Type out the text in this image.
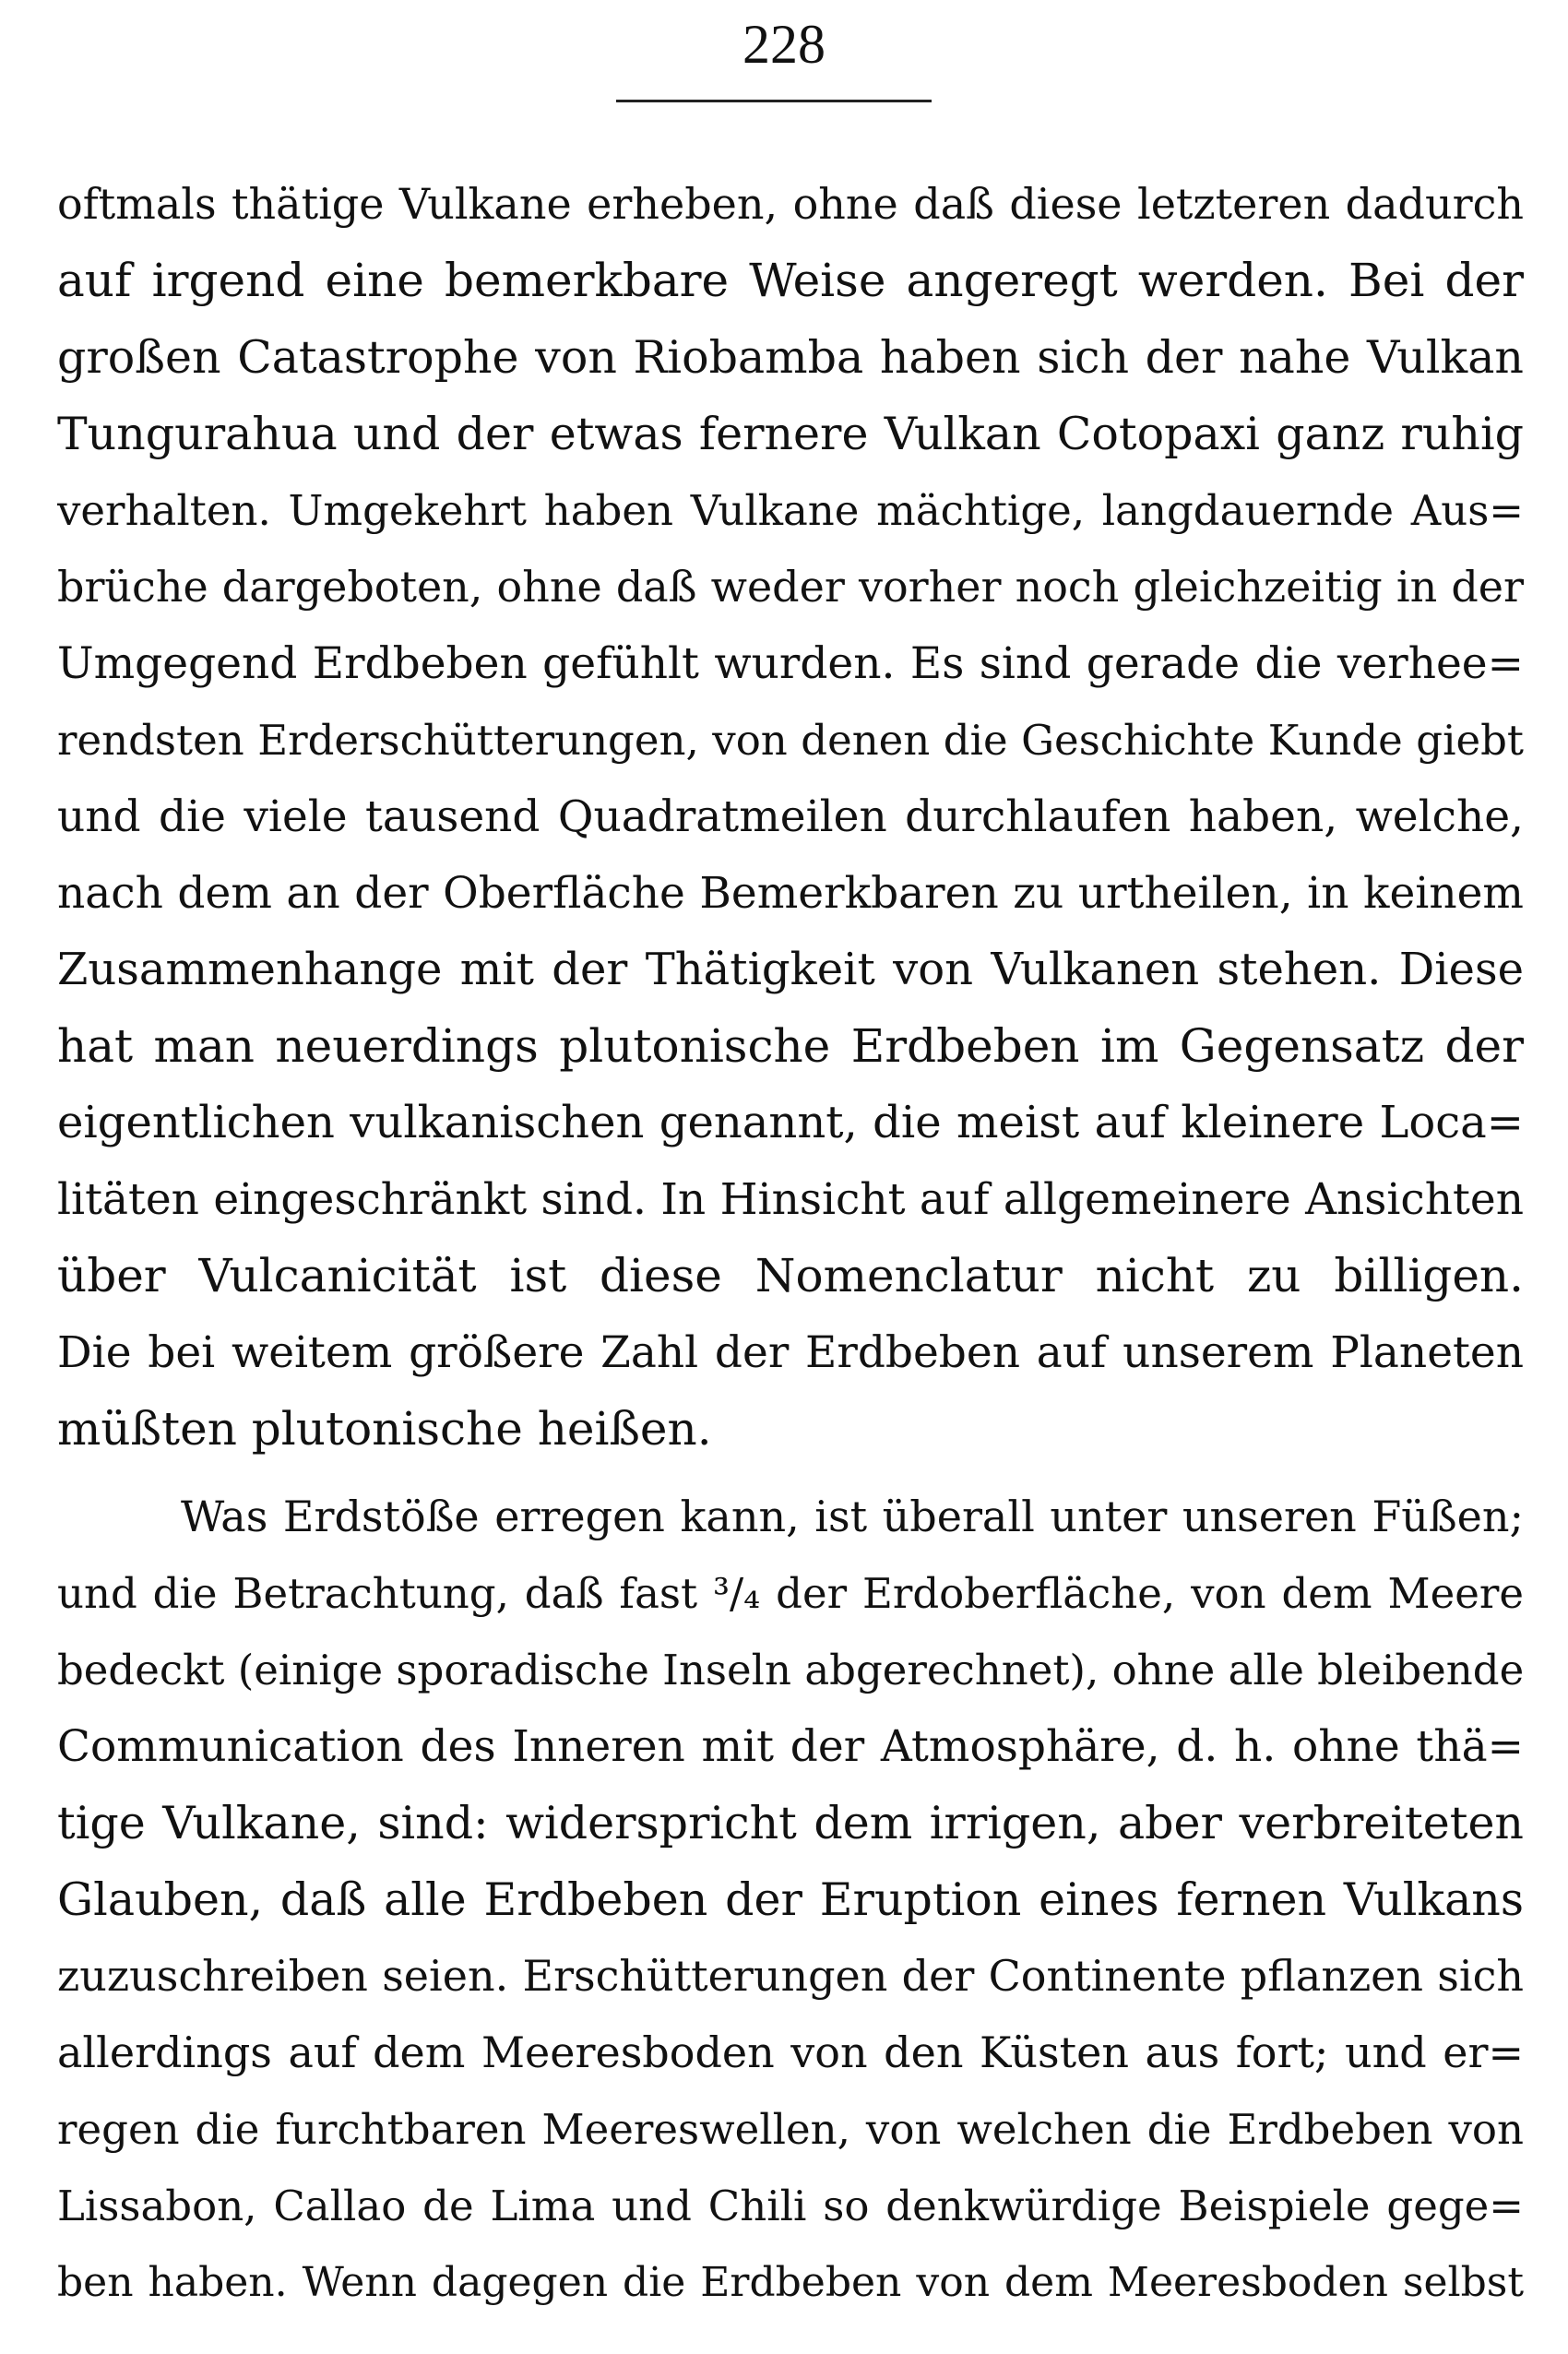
228
oftmals thätige Vulkane erheben, ohne daß diese letzteren dadurch
auf irgend eine bemerkbare Weise angeregt werden. Bei der
großen Catastrophe von Riobamba haben sich der nahe Vulkan
Tungurahua und der etwas fernere Vulkan Cotopaxi ganz ruhig
verhalten. Umgekehrt haben Vulkane mächtige, langdauernde Aus=
brüche dargeboten, ohne daß weder vorher noch gleichzeitig in der
Umgegend Erdbeben gefühlt wurden. Es sind gerade die verhee=
rendsten Erderschütterungen, von denen die Geschichte Kunde giebt
und die viele tausend Quadratmeilen durchlaufen haben, welche,
nach dem an der Oberfläche Bemerkbaren zu urtheilen, in keinem
Zusammenhange mit der Thätigkeit von Vulkanen stehen. Diese
hat man neuerdings plutonische Erdbeben im Gegensatz der
eigentlichen vulkanischen genannt, die meist auf kleinere Loca=
litäten eingeschränkt sind. In Hinsicht auf allgemeinere Ansichten
über Vulcanicität ist diese Nomenclatur nicht zu billigen.
Die bei weitem größere Zahl der Erdbeben auf unserem Planeten
müßten plutonische heißen.
Was Erdstöße erregen kann, ist überall unter unseren Füßen;
und die Betrachtung, daß fast ³/₄ der Erdoberfläche, von dem Meere
bedeckt (einige sporadische Inseln abgerechnet), ohne alle bleibende
Communication des Inneren mit der Atmosphäre, d. h. ohne thä=
tige Vulkane, sind: widerspricht dem irrigen, aber verbreiteten
Glauben, daß alle Erdbeben der Eruption eines fernen Vulkans
zuzuschreiben seien. Erschütterungen der Continente pflanzen sich
allerdings auf dem Meeresboden von den Küsten aus fort; und er=
regen die furchtbaren Meereswellen, von welchen die Erdbeben von
Lissabon, Callao de Lima und Chili so denkwürdige Beispiele gege=
ben haben. Wenn dagegen die Erdbeben von dem Meeresboden selbst
